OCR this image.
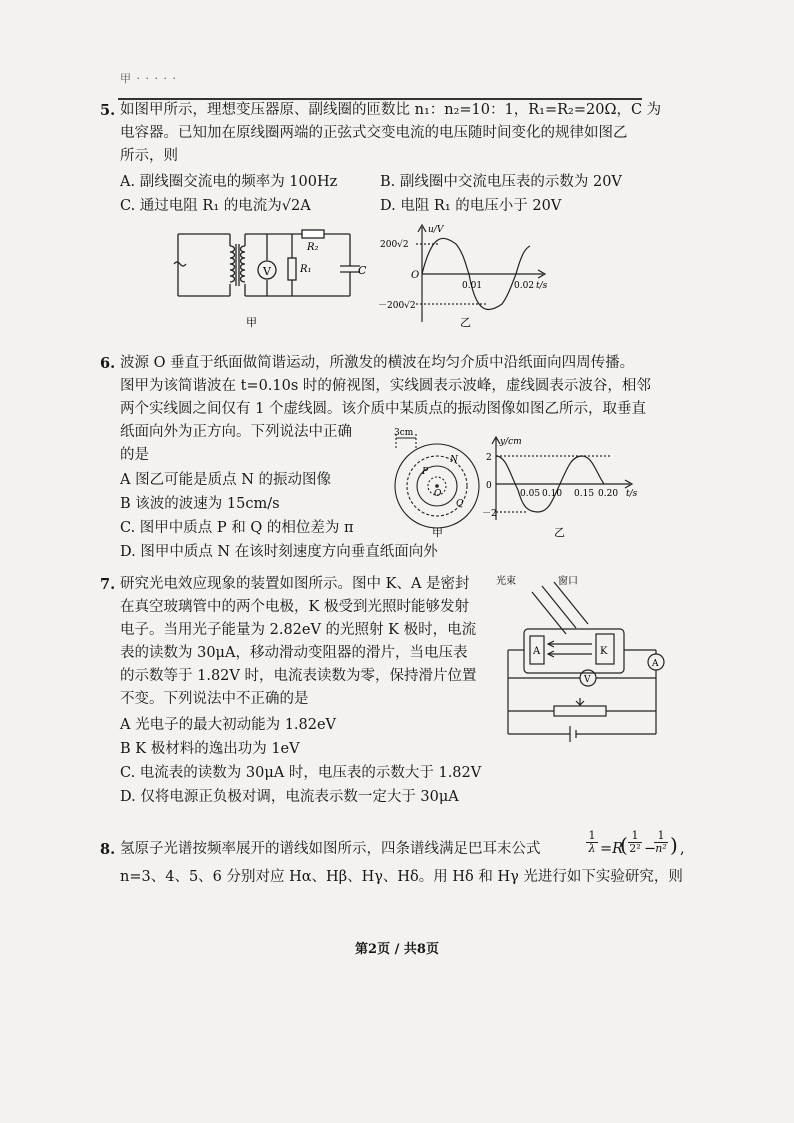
甲 · · · · ·
5. 如图甲所示，理想变压器原、副线圈的匝数比 n₁：n₂=10：1，R₁=R₂=20Ω，C 为
电容器。已知加在原线圈两端的正弦式交变电流的电压随时间变化的规律如图乙
所示，则
A. 副线圈交流电的频率为 100Hz	B. 副线圈中交流电压表的示数为 20V
C. 通过电阻 R₁ 的电流为√2A	D. 电阻 R₁ 的电压小于 20V
V	R₁
R₂
C
甲
u/V
200√2
O
－200√2
0.01	0.02 t/s
乙
6. 波源 O 垂直于纸面做简谐运动，所激发的横波在均匀介质中沿纸面向四周传播。
图甲为该简谐波在 t=0.10s 时的俯视图，实线圆表示波峰，虚线圆表示波谷，相邻
两个实线圆之间仅有 1 个虚线圆。该介质中某质点的振动图像如图乙所示，取垂直
纸面向外为正方向。下列说法中正确
的是
A 图乙可能是质点 N 的振动图像
B 该波的波速为 15cm/s
C. 图甲中质点 P 和 Q 的相位差为 π
D. 图甲中质点 N 在该时刻速度方向垂直纸面向外
3cm
P
N
O
Q
甲
y/cm
2
0
－2
0.05 0.10 0.15 0.20 t/s
乙
7. 研究光电效应现象的装置如图所示。图中 K、A 是密封
在真空玻璃管中的两个电极，K 极受到光照时能够发射
电子。当用光子能量为 2.82eV 的光照射 K 极时，电流
表的读数为 30μA，移动滑动变阻器的滑片，当电压表
的示数等于 1.82V 时，电流表读数为零，保持滑片位置
不变。下列说法中不正确的是
A 光电子的最大初动能为 1.82eV
B K 极材料的逸出功为 1eV
C. 电流表的读数为 30μA 时，电压表的示数大于 1.82V
D. 仅将电源正负极对调，电流表示数一定大于 30μA
光束	窗口
A	K
A
V
8. 氢原子光谱按频率展开的谱线如图所示，四条谱线满足巴耳末公式
1
λ =R
( 1
2² −
1
n² ) ,
n=3、4、5、6 分别对应 Hα、Hβ、Hγ、Hδ。用 Hδ 和 Hγ 光进行如下实验研究，则
第2页 / 共8页
